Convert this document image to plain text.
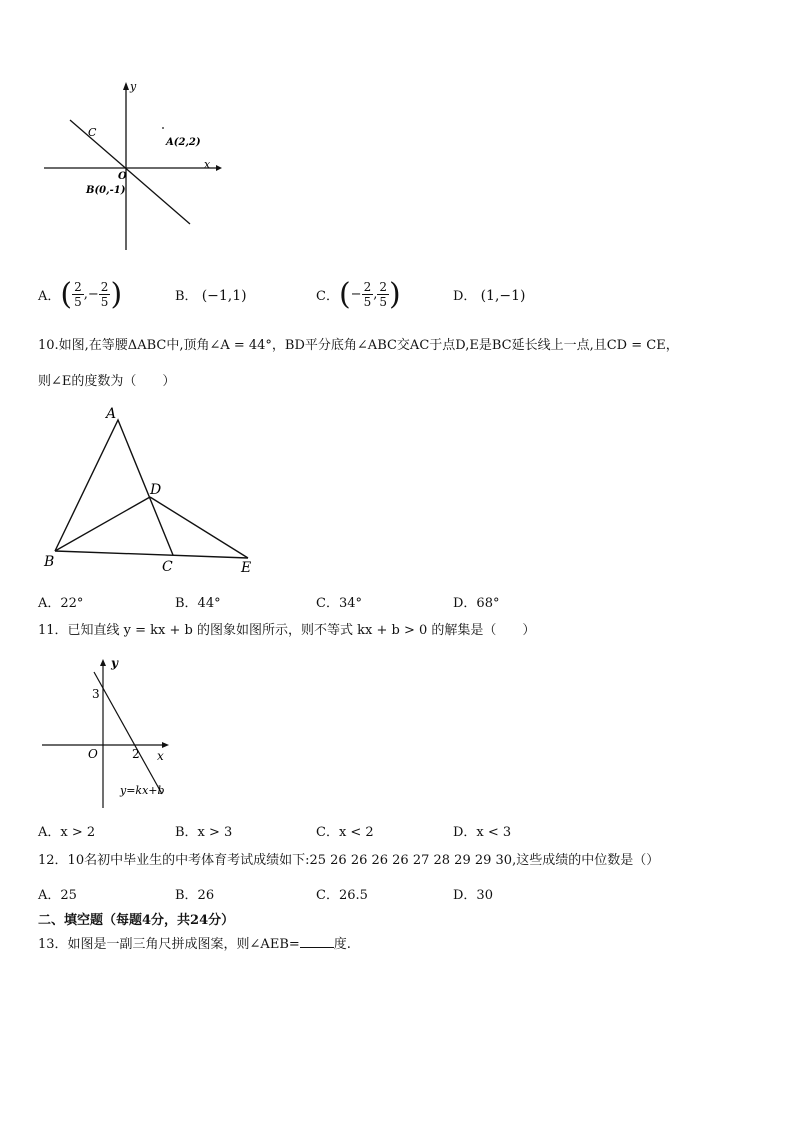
y
x
C
O
A(2,2)
B(0,-1)
A． ( $\frac{2}{5}$ , − $\frac{2}{5}$ )	B． (−1,1)	C． ( − $\frac{2}{5}$ , $\frac{2}{5}$ )	D． (1,−1)
10.如图,在等腰ΔABC中,顶角∠A = 44°，BD平分底角∠ABC交AC于点D,E是BC延长线上一点,且CD = CE，
则∠E的度数为（　　）
A
D
B	C	E
A．22°	B．44°	C．34°	D．68°
11．已知直线 y = kx + b 的图象如图所示，则不等式 kx + b > 0 的解集是（　　）
y
x
O
3
2
y=kx+b
A．x > 2	B．x > 3	C．x < 2	D．x < 3
12．10名初中毕业生的中考体育考试成绩如下:25 26 26 26 26 27 28 29 29 30,这些成绩的中位数是（）
A．25	B．26	C．26.5	D．30
二、填空题（每题4分，共24分）
13．如图是一副三角尺拼成图案，则∠AEB=	度.
